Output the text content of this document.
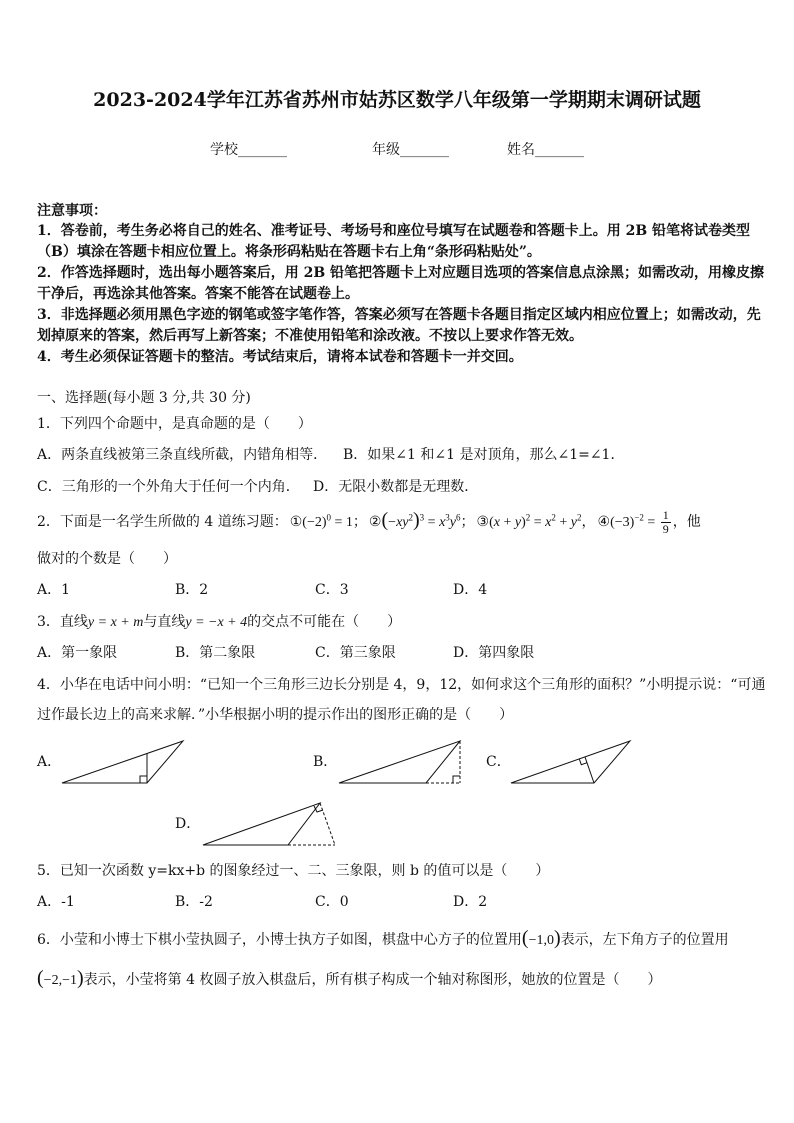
2023-2024学年江苏省苏州市姑苏区数学八年级第一学期期末调研试题
学校_______	年级_______	姓名_______
注意事项：
1．答卷前，考生务必将自己的姓名、准考证号、考场号和座位号填写在试题卷和答题卡上。用 2B 铅笔将试卷类型
（B）填涂在答题卡相应位置上。将条形码粘贴在答题卡右上角“条形码粘贴处”。
2．作答选择题时，选出每小题答案后，用 2B 铅笔把答题卡上对应题目选项的答案信息点涂黑；如需改动，用橡皮擦
干净后，再选涂其他答案。答案不能答在试题卷上。
3．非选择题必须用黑色字迹的钢笔或签字笔作答，答案必须写在答题卡各题目指定区域内相应位置上；如需改动，先
划掉原来的答案，然后再写上新答案；不准使用铅笔和涂改液。不按以上要求作答无效。
4．考生必须保证答题卡的整洁。考试结束后，请将本试卷和答题卡一并交回。
一、选择题(每小题 3 分,共 30 分)
1．下列四个命题中，是真命题的是（　　）
A．两条直线被第三条直线所截，内错角相等． B．如果∠1 和∠1 是对顶角，那么∠1=∠1．
C．三角形的一个外角大于任何一个内角． D．无限小数都是无理数．
2．下面是一名学生所做的 4 道练习题： $①(-2)^0 = 1$； $②(-xy^2)^3 = x^3y^6$； ③(x + $y)^2 = x^2 + y^2$， $④(-3)^{-2} = \frac{1}{9}$ ，他
做对的个数是（　　）
A．1	B．2	C．3	D．4
3．直线y = x + m与直线y = −x + 4的交点不可能在（　　）
A．第一象限	B．第二象限	C．第三象限	D．第四象限
4．小华在电话中问小明：“已知一个三角形三边长分别是 4，9，12，如何求这个三角形的面积？”小明提示说：“可通
过作最长边上的高来求解．”小华根据小明的提示作出的图形正确的是（　　）
A．	B．	C．
D．
5．已知一次函数 y=kx+b 的图象经过一、二、三象限，则 b 的值可以是（　　）
A．-1	B．-2	C．0	D．2
6．小莹和小博士下棋小莹执圆子，小博士执方子如图，棋盘中心方子的位置用(−1,0)表示，左下角方子的位置用
(−2,−1)表示，小莹将第 4 枚圆子放入棋盘后，所有棋子构成一个轴对称图形，她放的位置是（　　）
